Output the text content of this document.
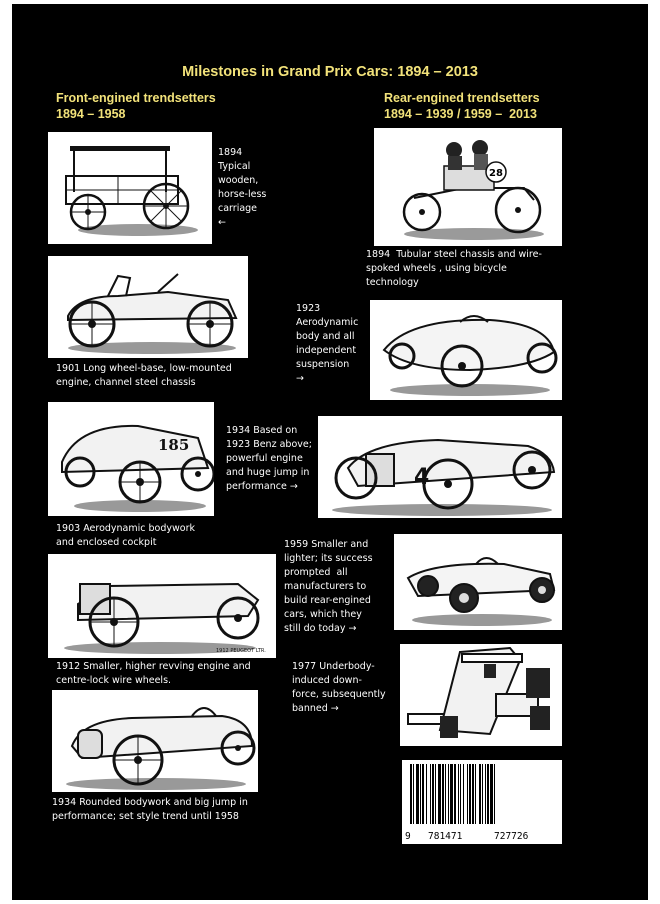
Milestones in Grand Prix Cars: 1894 – 2013
Front-engined trendsetters
1894 – 1958
Rear-engined trendsetters
1894 – 1939 / 1959 –  2013
1894
Typical
wooden,
horse-less
carriage
←
28
1894  Tubular steel chassis and wire-
spoked wheels , using bicycle
technology
1901 Long wheel-base, low-mounted
engine, channel steel chassis
1923
Aerodynamic
body and all
independent
suspension
→
185
1903 Aerodynamic bodywork
and enclosed cockpit
1934 Based on
1923 Benz above;
powerful engine
and huge jump in
performance →	4
1912 PEUGEOT LTR.
1912 Smaller, higher revving engine and
centre-lock wire wheels.
1959 Smaller and
lighter; its success
prompted  all
manufacturers to
build rear-engined
cars, which they
still do today →
1934 Rounded bodywork and big jump in
performance; set style trend until 1958
1977 Underbody-
induced down-
force, subsequently
banned →
9 781471	727726
